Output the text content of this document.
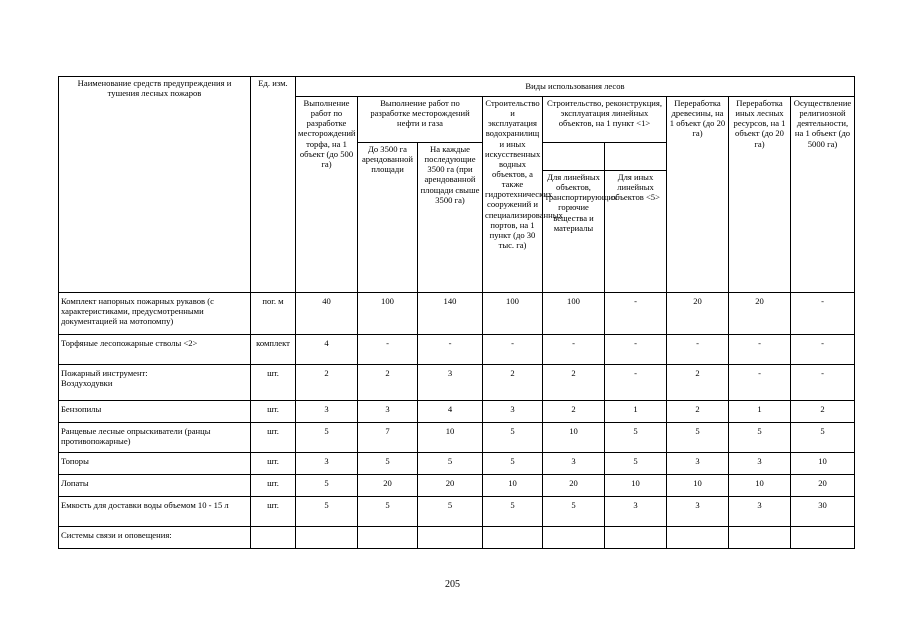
Наименование средств предупреждения и тушения лесных пожаров	Ед. изм.	Виды использования лесов								
		Выполнение работ по разработке месторождений торфа, на 1 объект (до 500 га)	Выполнение работ по разработке месторождений нефти и газа		Строительство и эксплуатация водохранилищ и иных искусственных водных объектов, а также гидротехнических сооружений и специализированных портов, на 1 пункт (до 30 тыс. га)	Строительство, реконструкция, эксплуатация линейных объектов, на 1 пункт <1>		Переработка древесины, на 1 объект (до 20 га)	Переработка иных лесных ресурсов, на 1 объект (до 20 га)	Осуществление религиозной деятельности, на 1 объект (до 5000 га)
			До 3500 га арендованной площади	На каждые последующие 3500 га (при арендованной площади свыше 3500 га)						
						Для линейных объектов, транспортирующих горючие вещества и материалы	Для иных линейных объектов <5>			
Комплект напорных пожарных рукавов (с характеристиками, предусмотренными документацией на мотопомпу)	пог. м	40	100	140	100	100	-	20	20	-
Торфяные лесопожарные стволы <2>	комплект	4	-	-	-	-	-	-	-	-
Пожарный инструмент:
Воздуходувки	шт.	2	2	3	2	2	-	2	-	-
Бензопилы	шт.	3	3	4	3	2	1	2	1	2
Ранцевые лесные опрыскиватели (ранцы противопожарные)	шт.	5	7	10	5	10	5	5	5	5
Топоры	шт.	3	5	5	5	3	5	3	3	10
Лопаты	шт.	5	20	20	10	20	10	10	10	20
Емкость для доставки воды объемом 10 - 15 л	шт.	5	5	5	5	5	3	3	3	30
Системы связи и оповещения:										
205
